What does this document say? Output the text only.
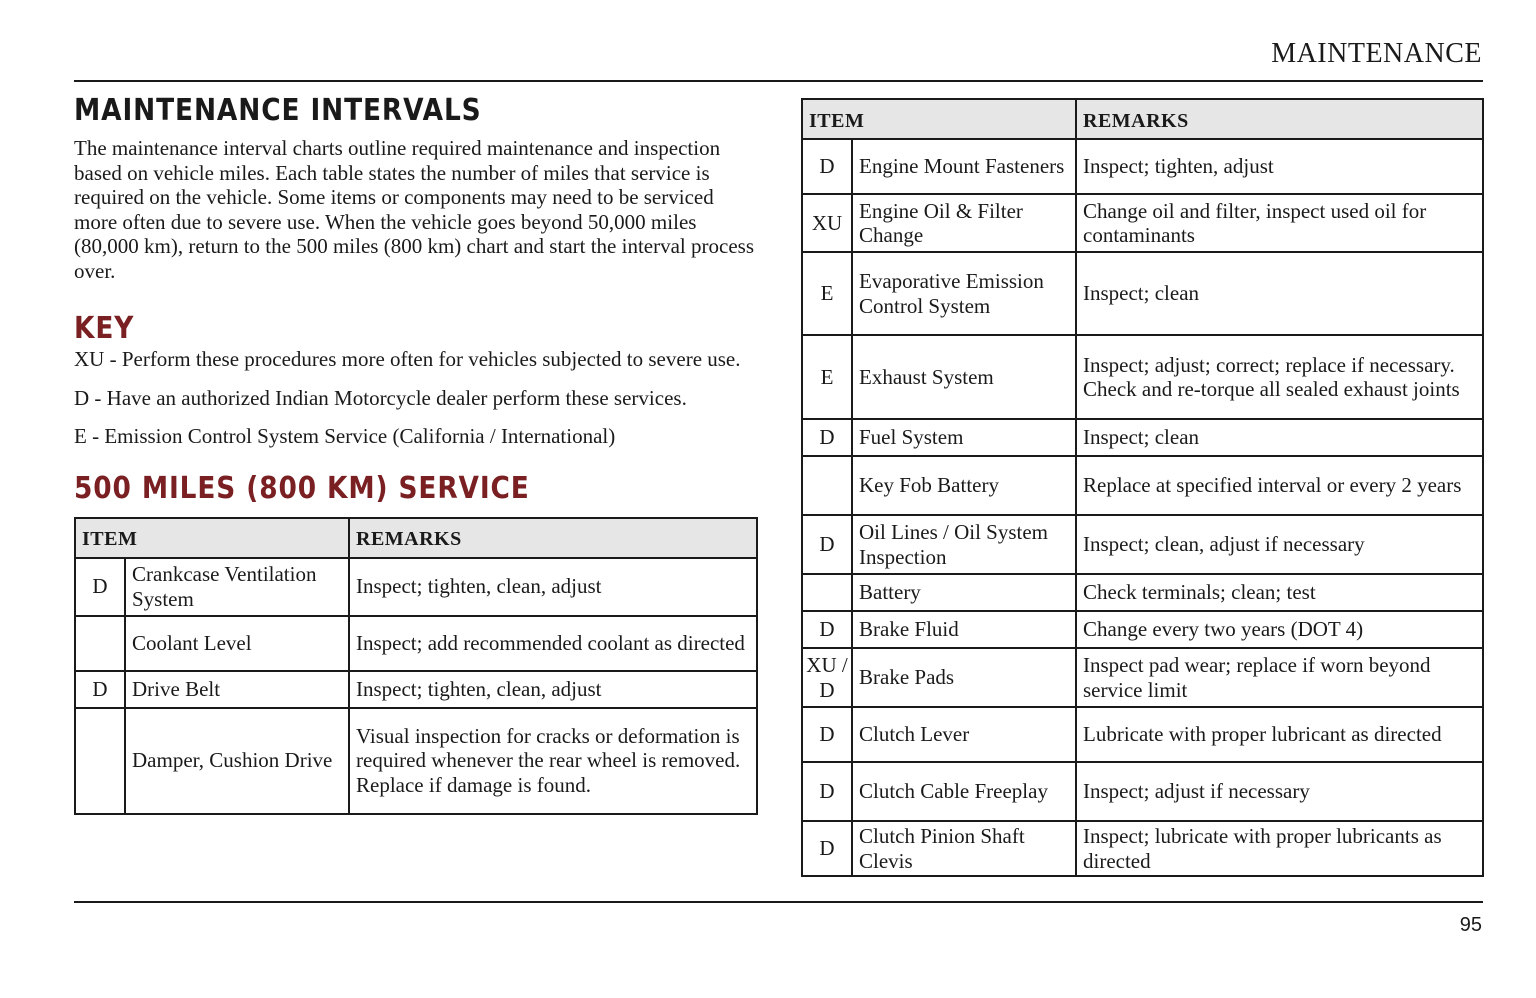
MAINTENANCE
MAINTENANCE INTERVALS

The maintenance interval charts outline required maintenance and inspection based on vehicle miles. Each table states the number of miles that service is required on the vehicle. Some items or components may need to be serviced more often due to severe use. When the vehicle goes beyond 50,000 miles (80,000 km), return to the 500 miles (800 km) chart and start the interval process over.

KEY

XU - Perform these procedures more often for vehicles subjected to severe use.

D - Have an authorized Indian Motorcycle dealer perform these services.

E - Emission Control System Service (California / International)

500 MILES (800 KM) SERVICE
ITEM		REMARKS
D	Crankcase Ventilation System	Inspect; tighten, clean, adjust
	Coolant Level	Inspect; add recommended coolant as directed
D	Drive Belt	Inspect; tighten, clean, adjust
	Damper, Cushion Drive	Visual inspection for cracks or deformation is required whenever the rear wheel is removed. Replace if damage is found.
ITEM		REMARKS
D	Engine Mount Fasteners	Inspect; tighten, adjust
XU	Engine Oil & Filter Change	Change oil and filter, inspect used oil for contaminants
E	Evaporative Emission Control System	Inspect; clean
E	Exhaust System	Inspect; adjust; correct; replace if necessary. Check and re-torque all sealed exhaust joints
D	Fuel System	Inspect; clean
	Key Fob Battery	Replace at specified interval or every 2 years
D	Oil Lines / Oil System Inspection	Inspect; clean, adjust if necessary
	Battery	Check terminals; clean; test
D	Brake Fluid	Change every two years (DOT 4)
XU / D	Brake Pads	Inspect pad wear; replace if worn beyond service limit
D	Clutch Lever	Lubricate with proper lubricant as directed
D	Clutch Cable Freeplay	Inspect; adjust if necessary
D	Clutch Pinion Shaft Clevis	Inspect; lubricate with proper lubricants as directed
95
